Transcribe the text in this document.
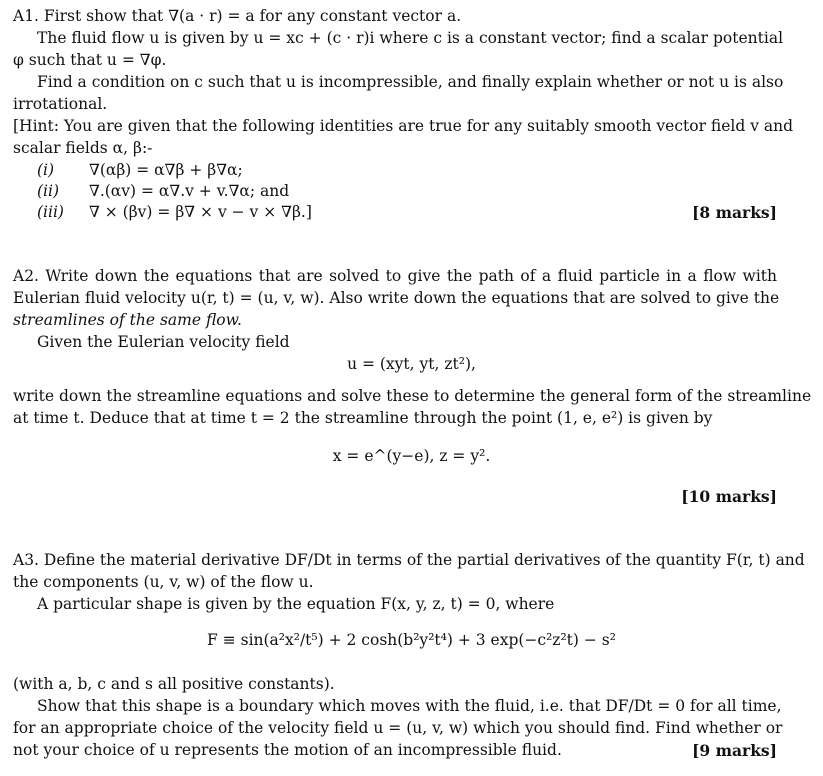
A1. First show that ∇(a · r) = a for any constant vector a.
The fluid flow u is given by u = xc + (c · r)i where c is a constant vector; find a scalar potential
φ such that u = ∇φ.
Find a condition on c such that u is incompressible, and finally explain whether or not u is also
irrotational.
[Hint: You are given that the following identities are true for any suitably smooth vector field v and
scalar fields α, β:-
(i) ∇(αβ) = α∇β + β∇α;
(ii) ∇.(αv) = α∇.v + v.∇α; and
(iii) ∇ × (βv) = β∇ × v − v × ∇β.]	[8 marks]
A2. Write down the equations that are solved to give the path of a fluid particle in a flow with
Eulerian fluid velocity u(r, t) = (u, v, w). Also write down the equations that are solved to give the
streamlines of the same flow.
Given the Eulerian velocity field
u = (xyt, yt, zt²),
write down the streamline equations and solve these to determine the general form of the streamline
at time t. Deduce that at time t = 2 the streamline through the point (1, e, e²) is given by
x = e^(y−e), z = y².
[10 marks]
A3. Define the material derivative DF/Dt in terms of the partial derivatives of the quantity F(r, t) and
the components (u, v, w) of the flow u.
A particular shape is given by the equation F(x, y, z, t) = 0, where
F ≡ sin(a²x²/t⁵) + 2 cosh(b²y²t⁴) + 3 exp(−c²z²t) − s²
(with a, b, c and s all positive constants).
Show that this shape is a boundary which moves with the fluid, i.e. that DF/Dt = 0 for all time,
for an appropriate choice of the velocity field u = (u, v, w) which you should find. Find whether or
not your choice of u represents the motion of an incompressible fluid.	[9 marks]
